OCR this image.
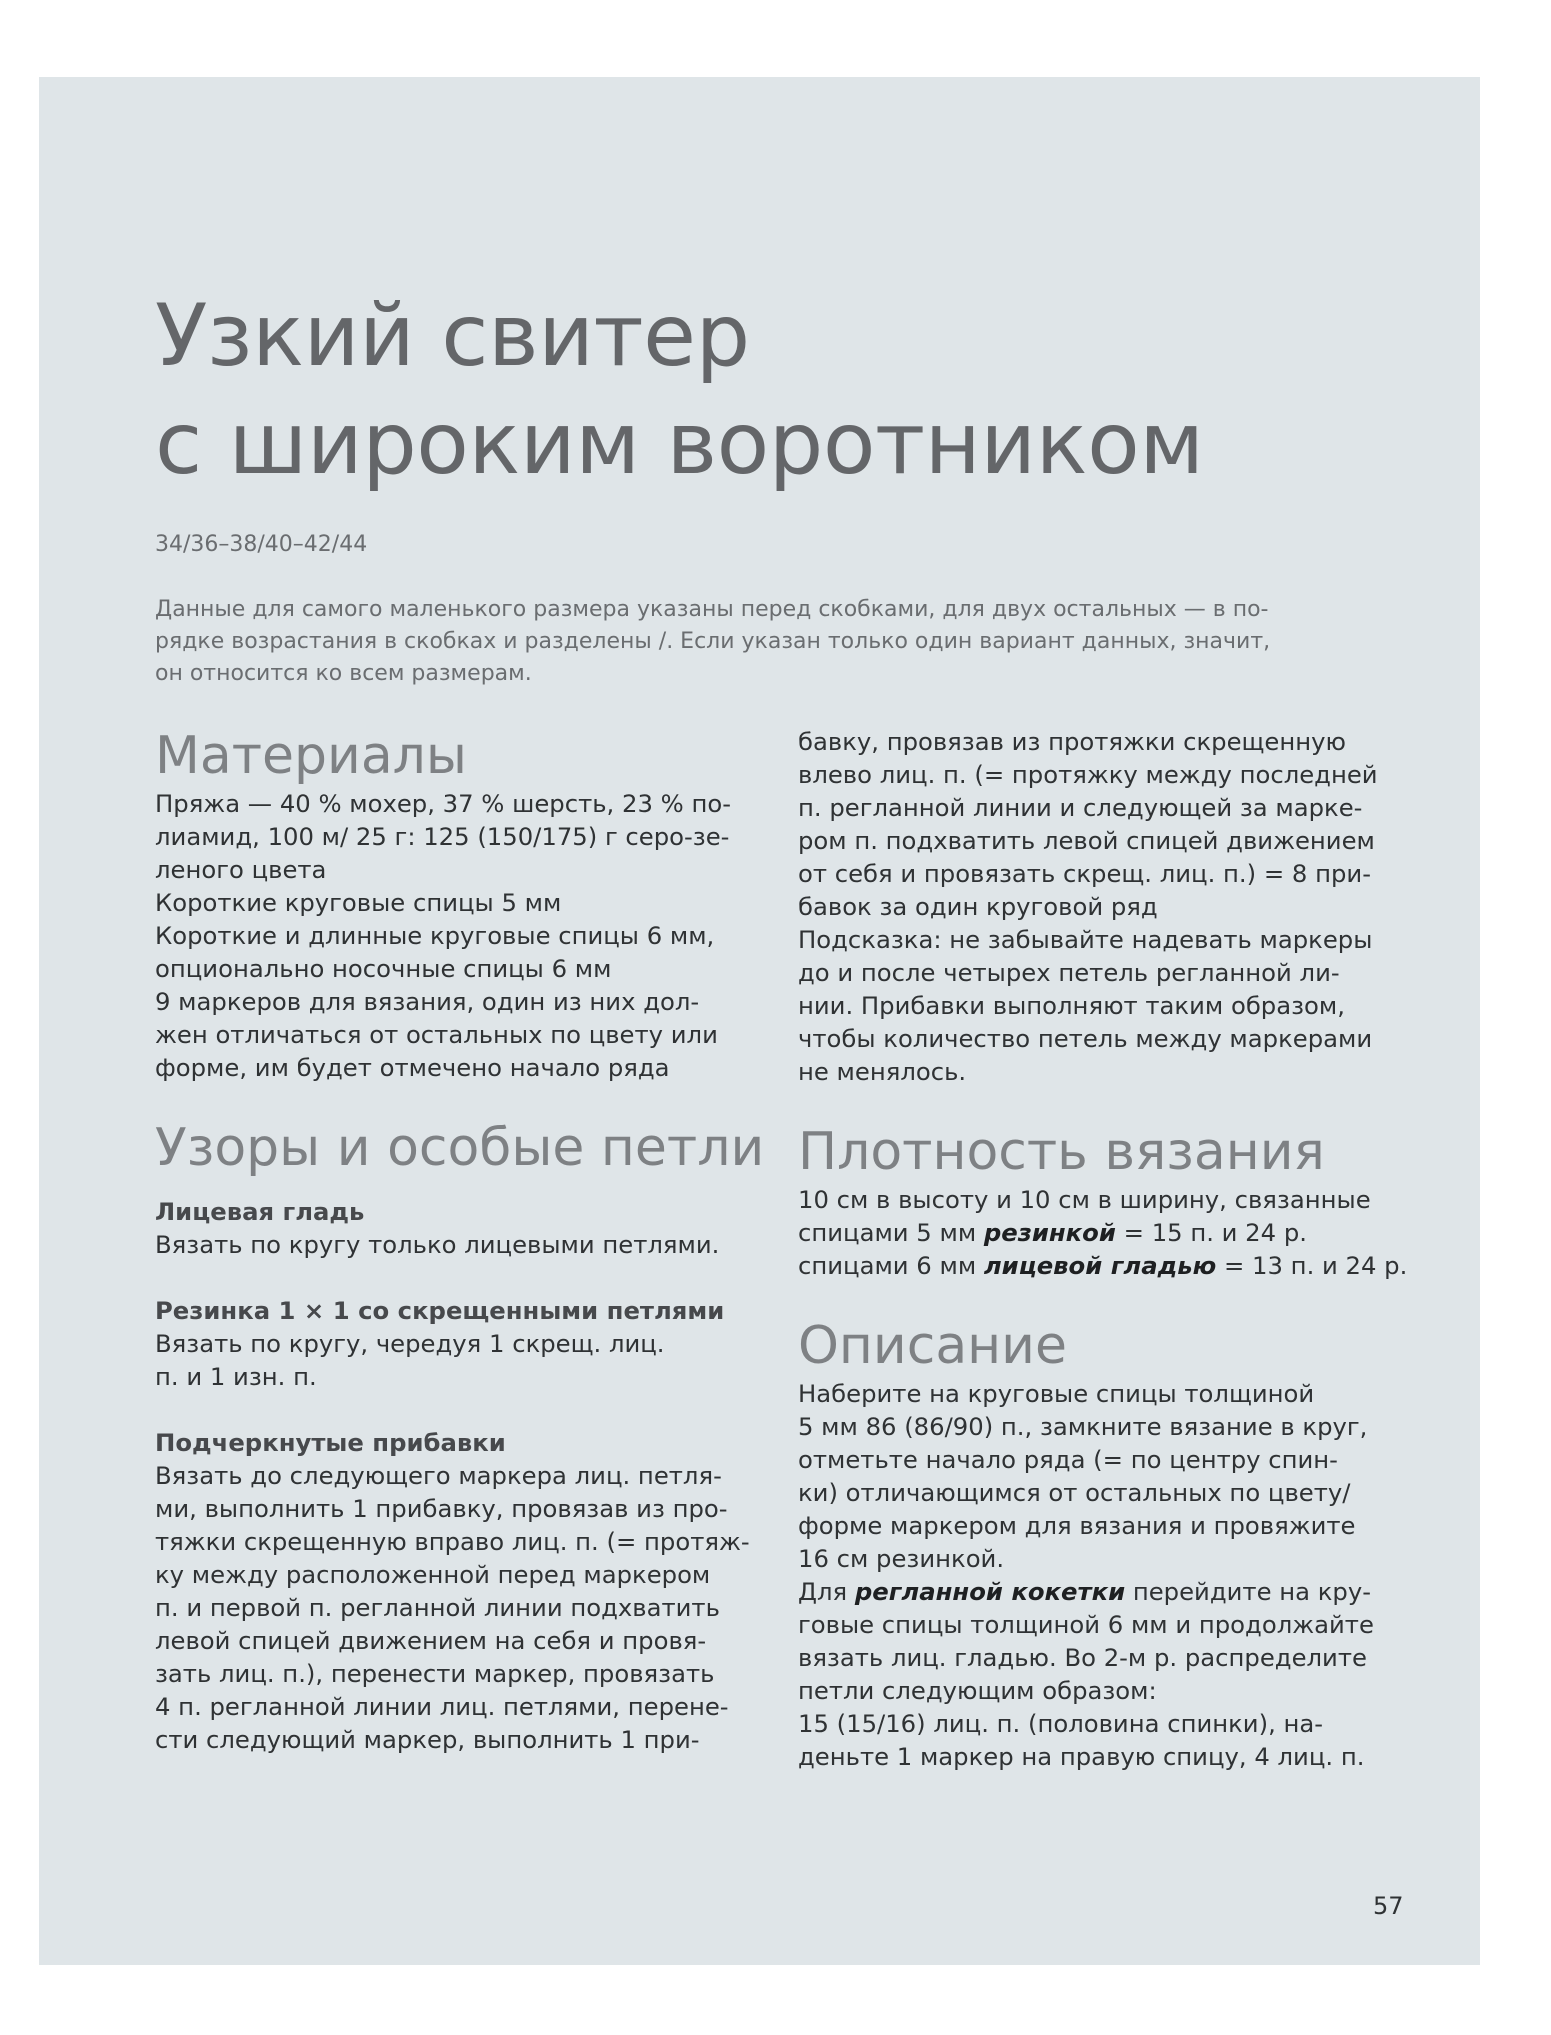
Узкий свитер
с широким воротником
34/36–38/40–42/44
Данные для самого маленького размера указаны перед скобками, для двух остальных — в по-
рядке возрастания в скобках и разделены /. Если указан только один вариант данных, значит,
он относится ко всем размерам.
Материалы
Пряжа — 40 % мохер, 37 % шерсть, 23 % по-
лиамид, 100 м/ 25 г: 125 (150/175) г серо-зе-
леного цвета
Короткие круговые спицы 5 мм
Короткие и длинные круговые спицы 6 мм,
опционально носочные спицы 6 мм
9 маркеров для вязания, один из них дол-
жен отличаться от остальных по цвету или
форме, им будет отмечено начало ряда
Узоры и особые петли
Лицевая гладь
Вязать по кругу только лицевыми петлями.
Резинка 1 × 1 со скрещенными петлями
Вязать по кругу, чередуя 1 скрещ. лиц.
п. и 1 изн. п.
Подчеркнутые прибавки
Вязать до следующего маркера лиц. петля-
ми, выполнить 1 прибавку, провязав из про-
тяжки скрещенную вправо лиц. п. (= протяж-
ку между расположенной перед маркером
п. и первой п. регланной линии подхватить
левой спицей движением на себя и провя-
зать лиц. п.), перенести маркер, провязать
4 п. регланной линии лиц. петлями, перене-
сти следующий маркер, выполнить 1 при-
бавку, провязав из протяжки скрещенную
влево лиц. п. (= протяжку между последней
п. регланной линии и следующей за марке-
ром п. подхватить левой спицей движением
от себя и провязать скрещ. лиц. п.) = 8 при-
бавок за один круговой ряд
Подсказка: не забывайте надевать маркеры
до и после четырех петель регланной ли-
нии. Прибавки выполняют таким образом,
чтобы количество петель между маркерами
не менялось.
Плотность вязания
10 см в высоту и 10 см в ширину, связанные
спицами 5 мм резинкой = 15 п. и 24 р.
спицами 6 мм лицевой гладью = 13 п. и 24 р.
Описание
Наберите на круговые спицы толщиной
5 мм 86 (86/90) п., замкните вязание в круг,
отметьте начало ряда (= по центру спин-
ки) отличающимся от остальных по цвету/
форме маркером для вязания и провяжите
16 см резинкой.
Для регланной кокетки перейдите на кру-
говые спицы толщиной 6 мм и продолжайте
вязать лиц. гладью. Во 2-м р. распределите
петли следующим образом:
15 (15/16) лиц. п. (половина спинки), на-
деньте 1 маркер на правую спицу, 4 лиц. п.
57
